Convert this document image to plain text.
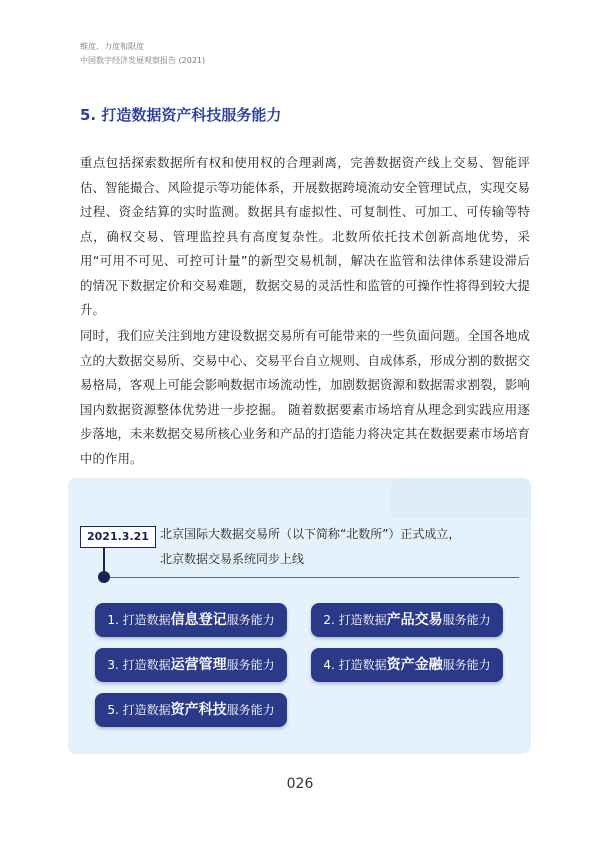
维度、力度和限度
中国数字经济发展观察报告 (2021)
5. 打造数据资产科技服务能力
重点包括探索数据所有权和使用权的合理剥离，完善数据资产线上交易、智能评估、智能撮合、风险提示等功能体系，开展数据跨境流动安全管理试点，实现交易过程、资金结算的实时监测。数据具有虚拟性、可复制性、可加工、可传输等特点，确权交易、管理监控具有高度复杂性。北数所依托技术创新高地优势，采用“可用不可见、可控可计量”的新型交易机制，解决在监管和法律体系建设滞后的情况下数据定价和交易难题，数据交易的灵活性和监管的可操作性将得到较大提升。
同时，我们应关注到地方建设数据交易所有可能带来的一些负面问题。全国各地成立的大数据交易所、交易中心、交易平台自立规则、自成体系，形成分割的数据交易格局，客观上可能会影响数据市场流动性，加剧数据资源和数据需求割裂，影响国内数据资源整体优势进一步挖掘。 随着数据要素市场培育从理念到实践应用逐步落地，未来数据交易所核心业务和产品的打造能力将决定其在数据要素市场培育中的作用。
2021.3.21 北京国际大数据交易所（以下简称“北数所”）正式成立，
北京数据交易系统同步上线
1. 打造数据信息登记服务能力	2. 打造数据产品交易服务能力
3. 打造数据运营管理服务能力	4. 打造数据资产金融服务能力
5. 打造数据资产科技服务能力
026
